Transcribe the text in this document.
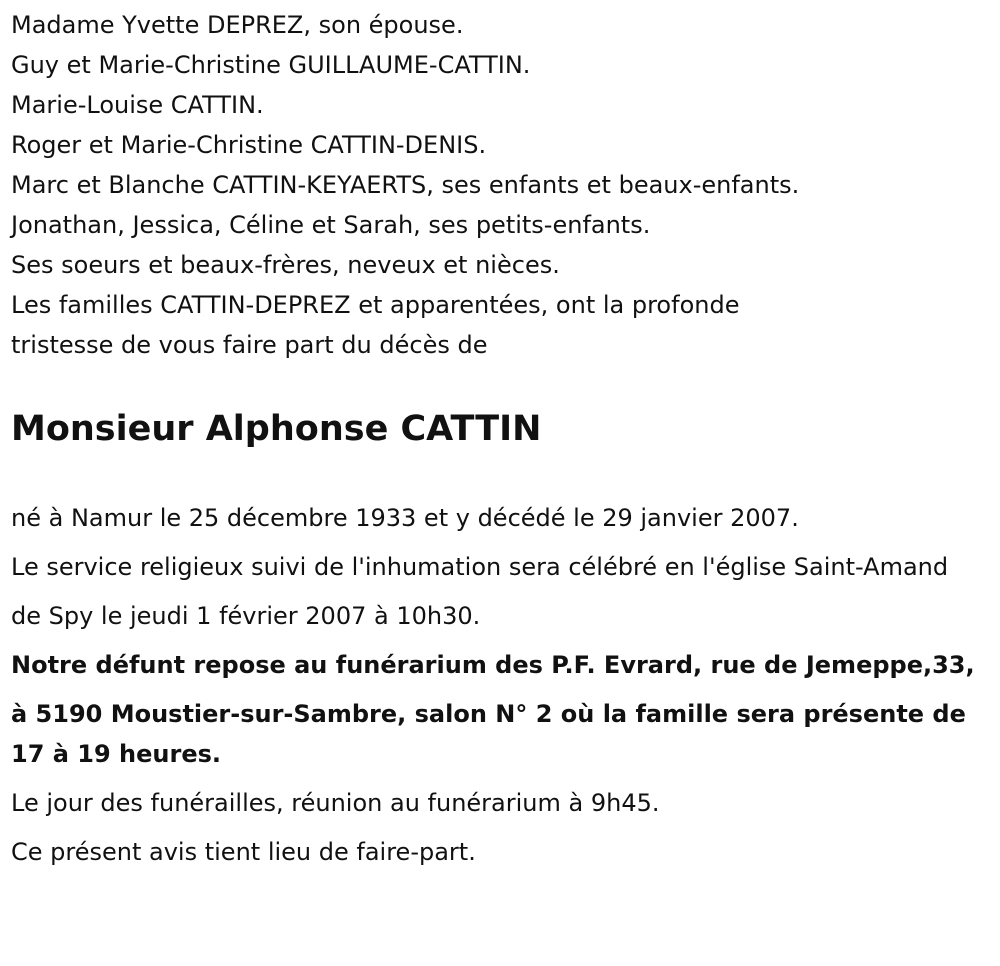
Madame Yvette DEPREZ, son épouse.

Guy et Marie-Christine GUILLAUME-CATTIN.

Marie-Louise CATTIN.

Roger et Marie-Christine CATTIN-DENIS.

Marc et Blanche CATTIN-KEYAERTS, ses enfants et beaux-enfants.

Jonathan, Jessica, Céline et Sarah, ses petits-enfants.

Ses soeurs et beaux-frères, neveux et nièces.

Les familles CATTIN-DEPREZ et apparentées, ont la profonde

tristesse de vous faire part du décès de

Monsieur Alphonse CATTIN

né à Namur le 25 décembre 1933 et y décédé le 29 janvier 2007.

Le service religieux suivi de l'inhumation sera célébré en l'église Saint-Amand

de Spy le jeudi 1 février 2007 à 10h30.

Notre défunt repose au funérarium des P.F. Evrard, rue de Jemeppe,33,

à 5190 Moustier-sur-Sambre, salon N° 2 où la famille sera présente de 17 à 19 heures.

Le jour des funérailles, réunion au funérarium à 9h45.

Ce présent avis tient lieu de faire-part.
